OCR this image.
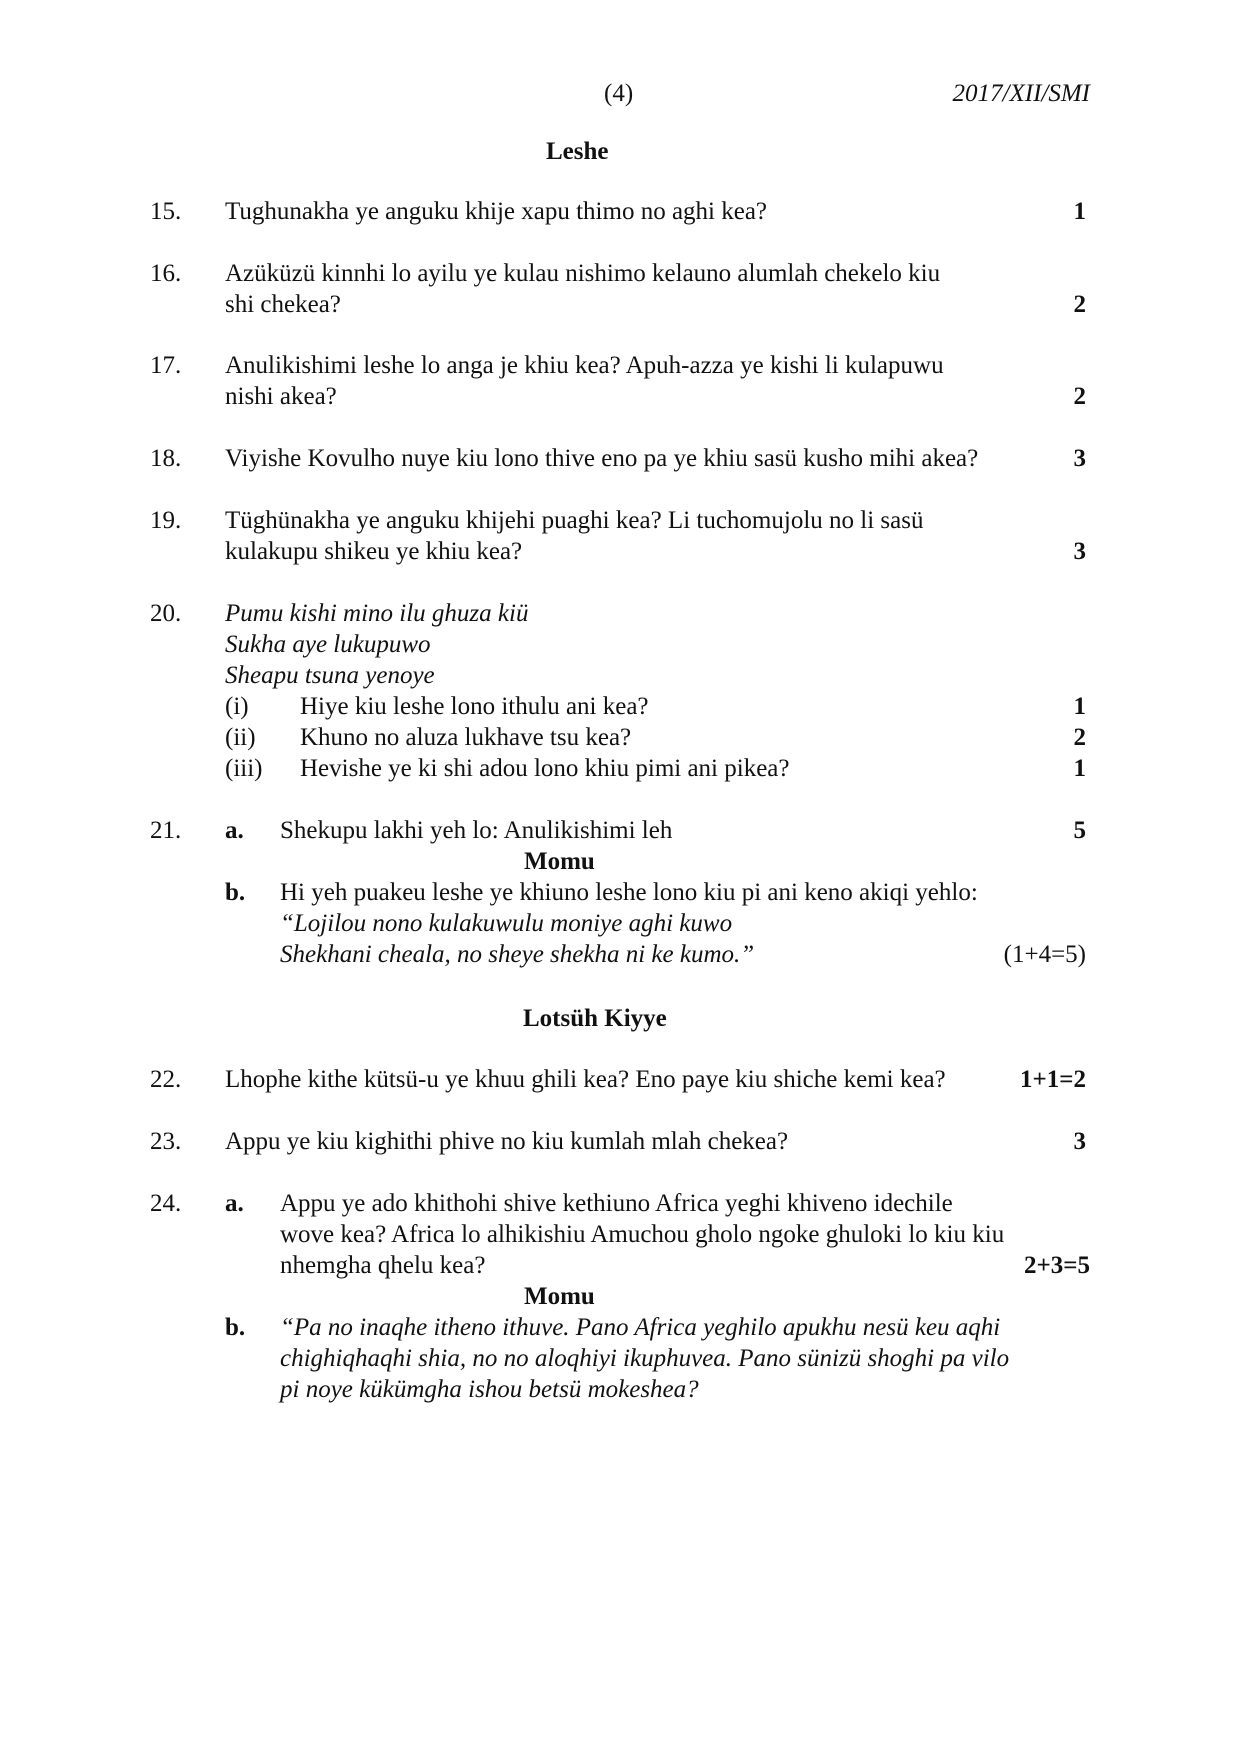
(4)	2017/XII/SMI
Leshe
15. Tughunakha ye anguku khije xapu thimo no aghi kea?	1
16. Azüküzü kinnhi lo ayilu ye kulau nishimo kelauno alumlah chekelo kiu
shi chekea?	2
17. Anulikishimi leshe lo anga je khiu kea? Apuh-azza ye kishi li kulapuwu
nishi akea?	2
18. Viyishe Kovulho nuye kiu lono thive eno pa ye khiu sasü kusho mihi akea?	3
19. Tüghünakha ye anguku khijehi puaghi kea? Li tuchomujolu no li sasü
kulakupu shikeu ye khiu kea?	3
20. Pumu kishi mino ilu ghuza kiü
Sukha aye lukupuwo
Sheapu tsuna yenoye
(i) Hiye kiu leshe lono ithulu ani kea?	1
(ii) Khuno no aluza lukhave tsu kea?	2
(iii) Hevishe ye ki shi adou lono khiu pimi ani pikea?	1
21. a. Shekupu lakhi yeh lo: Anulikishimi leh	5
Momu
b. Hi yeh puakeu leshe ye khiuno leshe lono kiu pi ani keno akiqi yehlo:
“Lojilou nono kulakuwulu moniye aghi kuwo
Shekhani cheala, no sheye shekha ni ke kumo.”	(1+4=5)
Lotsüh Kiyye
22. Lhophe kithe kütsü-u ye khuu ghili kea? Eno paye kiu shiche kemi kea?	1+1=2
23. Appu ye kiu kighithi phive no kiu kumlah mlah chekea?	3
24. a. Appu ye ado khithohi shive kethiuno Africa yeghi khiveno idechile
wove kea? Africa lo alhikishiu Amuchou gholo ngoke ghuloki lo kiu kiu
nhemgha qhelu kea?	2+3=5
Momu
b. “Pa no inaqhe itheno ithuve. Pano Africa yeghilo apukhu nesü keu aqhi
chighiqhaqhi shia, no no aloqhiyi ikuphuvea. Pano sünizü shoghi pa vilo
pi noye kükümgha ishou betsü mokeshea?
